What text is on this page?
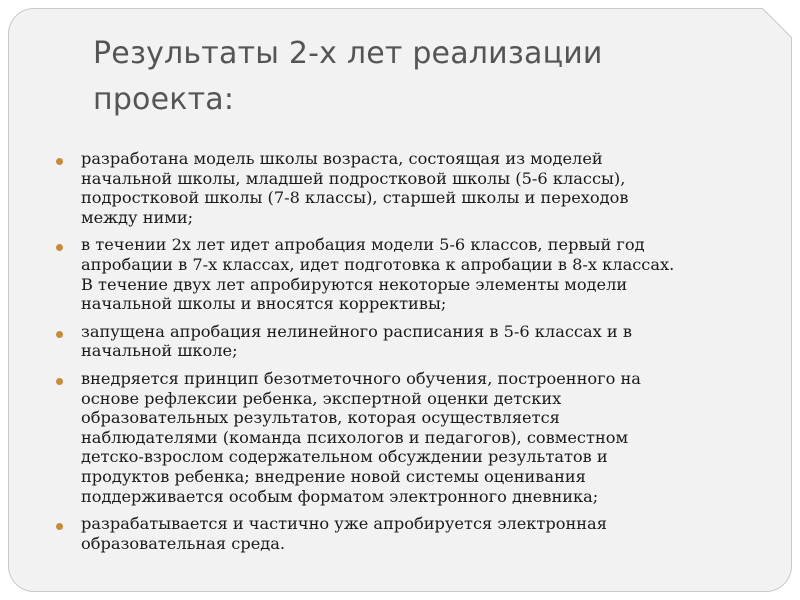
Результаты 2-х лет реализации
проекта:
разработана модель школы возраста, состоящая из моделей
начальной школы, младшей подростковой школы (5-6 классы),
подростковой школы (7-8 классы), старшей школы и переходов
между ними;
в течении 2х лет идет апробация модели 5-6 классов, первый год
апробации в 7-х классах, идет подготовка к апробации в 8-х классах.
В течение двух лет апробируются некоторые элементы модели
начальной школы и вносятся коррективы;
запущена апробация нелинейного расписания в 5-6 классах и в
начальной школе;
внедряется принцип безотметочного обучения, построенного на
основе рефлексии ребенка, экспертной оценки детских
образовательных результатов, которая осуществляется
наблюдателями (команда психологов и педагогов), совместном
детско-взрослом содержательном обсуждении результатов и
продуктов ребенка; внедрение новой системы оценивания
поддерживается особым форматом электронного дневника;
разрабатывается и частично уже апробируется электронная
образовательная среда.
